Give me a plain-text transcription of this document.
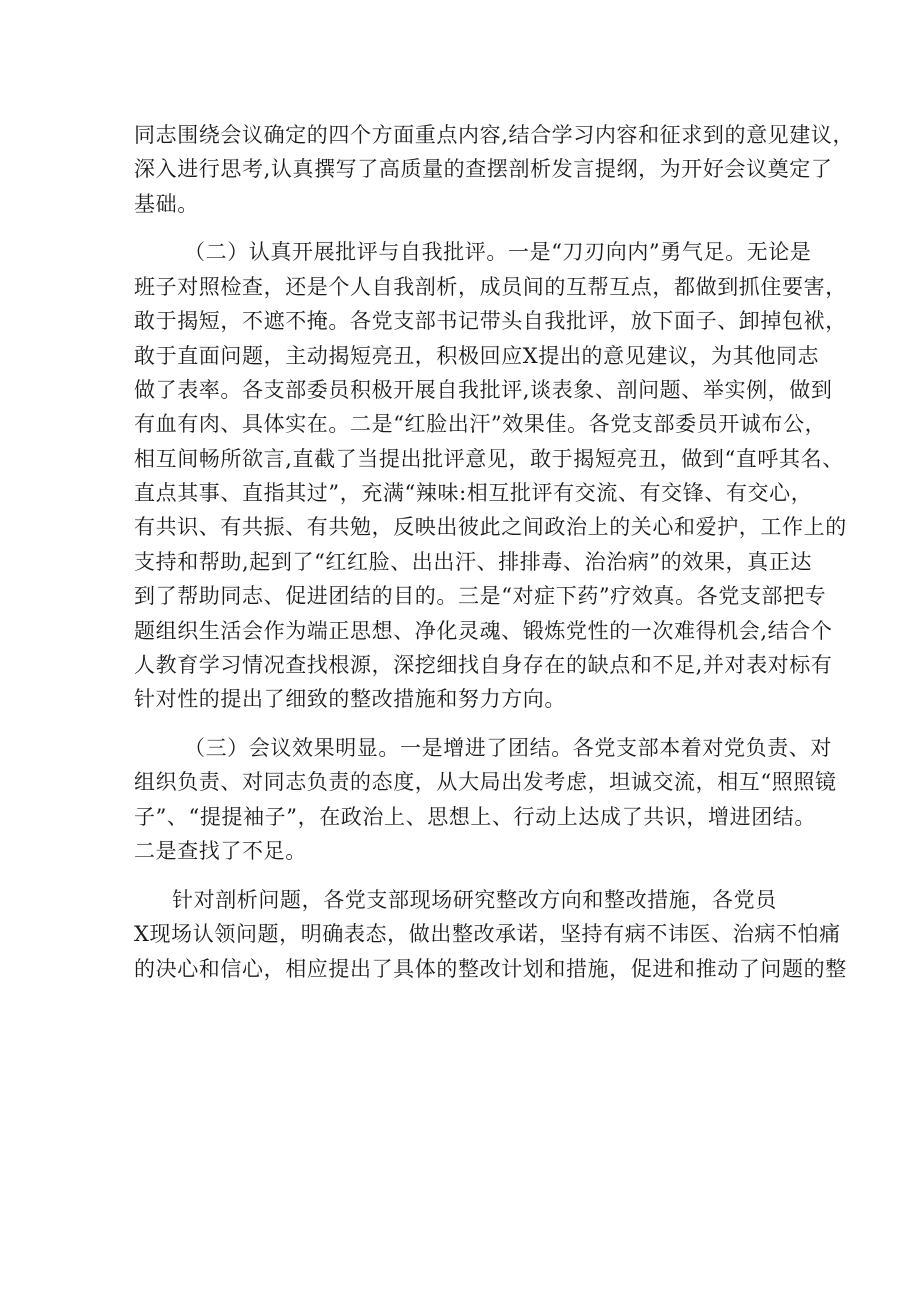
同志围绕会议确定的四个方面重点内容,结合学习内容和征求到的意见建议，
深入进行思考,认真撰写了高质量的查摆剖析发言提纲，为开好会议奠定了
基础。
（二）认真开展批评与自我批评。一是“刀刃向内”勇气足。无论是
班子对照检查，还是个人自我剖析，成员间的互帮互点，都做到抓住要害，
敢于揭短，不遮不掩。各党支部书记带头自我批评，放下面子、卸掉包袱，
敢于直面问题，主动揭短亮丑，积极回应X提出的意见建议，为其他同志
做了表率。各支部委员积极开展自我批评,谈表象、剖问题、举实例，做到
有血有肉、具体实在。二是“红脸出汗”效果佳。各党支部委员开诚布公，
相互间畅所欲言,直截了当提出批评意见，敢于揭短亮丑，做到“直呼其名、
直点其事、直指其过”，充满“辣味:相互批评有交流、有交锋、有交心，
有共识、有共振、有共勉，反映出彼此之间政治上的关心和爱护，工作上的
支持和帮助,起到了“红红脸、出出汗、排排毒、治治病”的效果，真正达
到了帮助同志、促进团结的目的。三是“对症下药”疗效真。各党支部把专
题组织生活会作为端正思想、净化灵魂、锻炼党性的一次难得机会,结合个
人教育学习情况查找根源，深挖细找自身存在的缺点和不足,并对表对标有
针对性的提出了细致的整改措施和努力方向。
（三）会议效果明显。一是增进了团结。各党支部本着对党负责、对
组织负责、对同志负责的态度，从大局出发考虑，坦诚交流，相互“照照镜
子”、“提提袖子”，在政治上、思想上、行动上达成了共识，增进团结。
二是查找了不足。
针对剖析问题，各党支部现场研究整改方向和整改措施，各党员
X现场认领问题，明确表态，做出整改承诺，坚持有病不讳医、治病不怕痛
的决心和信心，相应提出了具体的整改计划和措施，促进和推动了问题的整
